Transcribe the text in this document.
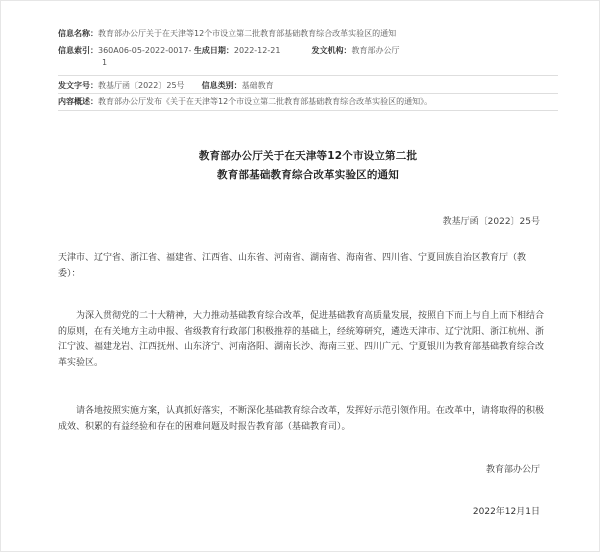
信息名称：教育部办公厅关于在天津等12个市设立第二批教育部基础教育综合改革实验区的通知
信息索引：360A06-05-2022-0017- 生成日期：2022-12-21	发文机构：教育部办公厅
1
发文字号：教基厅函〔2022〕25号 信息类别：基础教育
内容概述：教育部办公厅发布《关于在天津等12个市设立第二批教育部基础教育综合改革实验区的通知》。
教育部办公厅关于在天津等12个市设立第二批
教育部基础教育综合改革实验区的通知
教基厅函〔2022〕25号

天津市、辽宁省、浙江省、福建省、江西省、山东省、河南省、湖南省、海南省、四川省、宁夏回族自治区教育厅（教委）：

为深入贯彻党的二十大精神，大力推动基础教育综合改革，促进基础教育高质量发展，按照自下而上与自上而下相结合的原则，在有关地方主动申报、省级教育行政部门积极推荐的基础上，经统筹研究，遴选天津市、辽宁沈阳、浙江杭州、浙江宁波、福建龙岩、江西抚州、山东济宁、河南洛阳、湖南长沙、海南三亚、四川广元、宁夏银川为教育部基础教育综合改革实验区。

请各地按照实施方案，认真抓好落实，不断深化基础教育综合改革，发挥好示范引领作用。在改革中，请将取得的积极成效、积累的有益经验和存在的困难问题及时报告教育部（基础教育司）。

教育部办公厅
2022年12月1日
